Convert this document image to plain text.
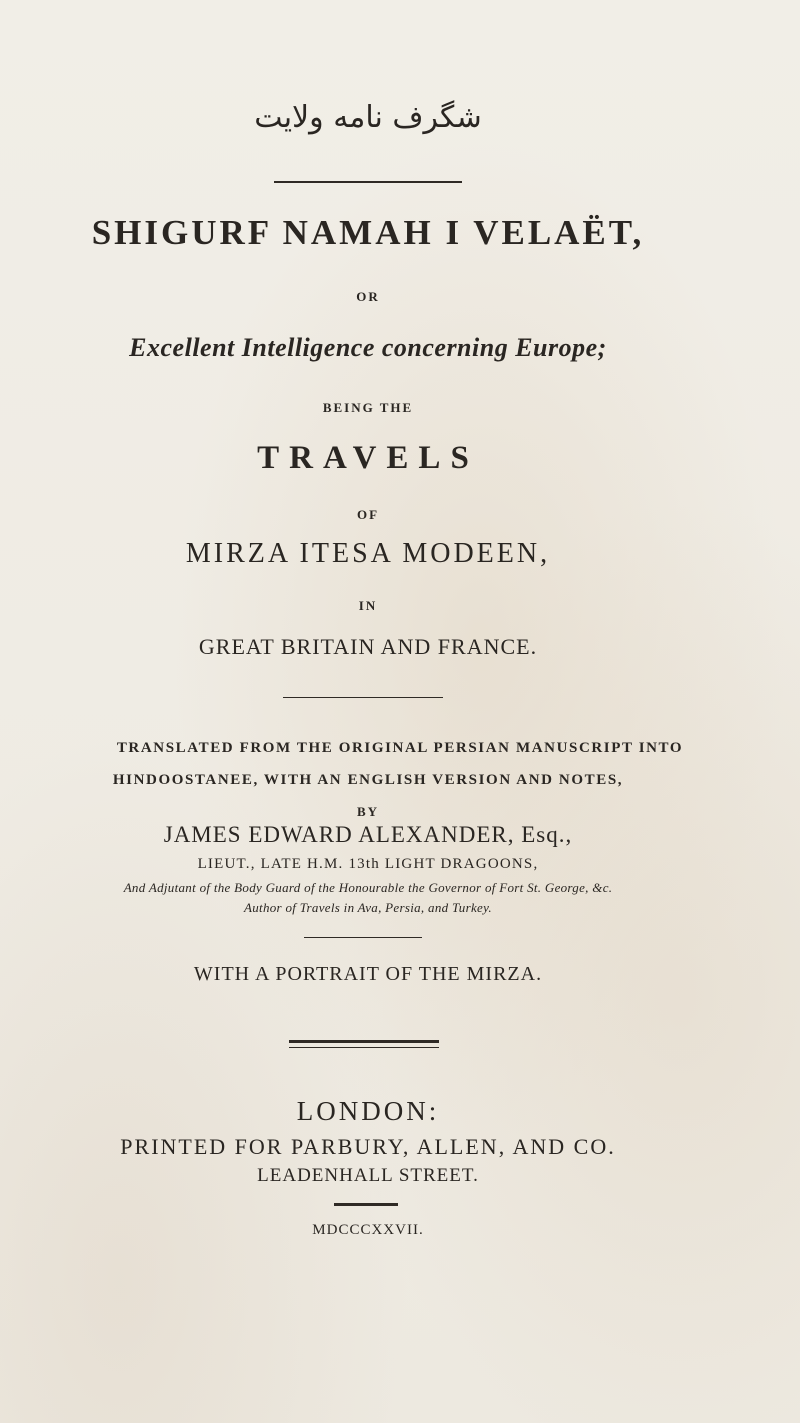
شگرف نامه ولایت
SHIGURF NAMAH I VELAËT,
OR
Excellent Intelligence concerning Europe;
BEING THE
TRAVELS
OF
MIRZA ITESA MODEEN,
IN
GREAT BRITAIN AND FRANCE.
TRANSLATED FROM THE ORIGINAL PERSIAN MANUSCRIPT INTO
HINDOOSTANEE, WITH AN ENGLISH VERSION AND NOTES,
BY
JAMES EDWARD ALEXANDER, Esq.,
LIEUT., LATE H.M. 13th LIGHT DRAGOONS,
And Adjutant of the Body Guard of the Honourable the Governor of Fort St. George, &c.
Author of Travels in Ava, Persia, and Turkey.
WITH A PORTRAIT OF THE MIRZA.
LONDON:
PRINTED FOR PARBURY, ALLEN, AND CO.
LEADENHALL STREET.
MDCCCXXVII.
